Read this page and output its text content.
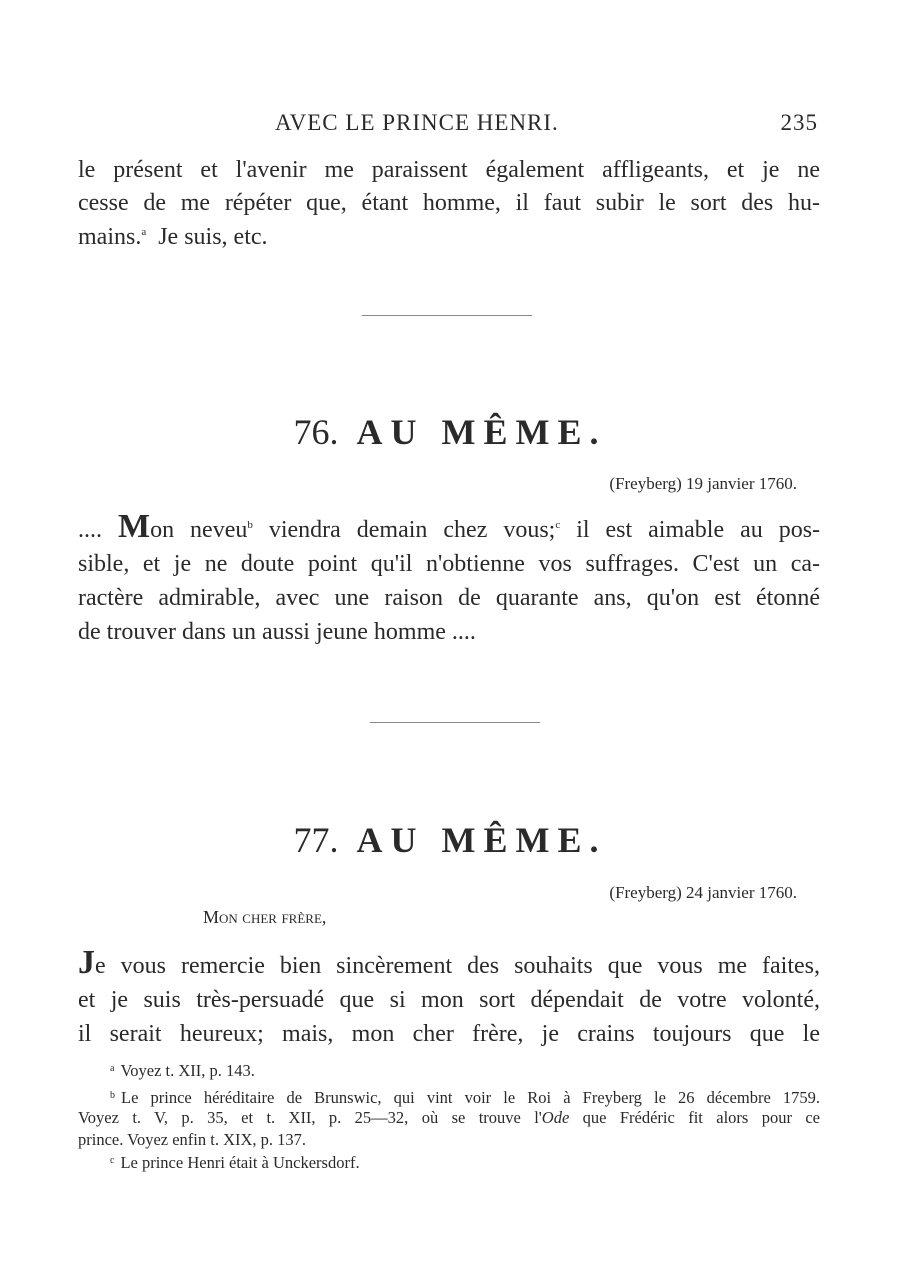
AVEC LE PRINCE HENRI.	235
le présent et l'avenir me paraissent également affligeants, et je ne
cesse de me répéter que, étant homme, il faut subir le sort des hu-
mains.$^a$ Je suis, etc.
76. AU MÊME.
(Freyberg) 19 janvier 1760.
.... Mon neveu$^b$ viendra demain chez vous;$^c$ il est aimable au pos-
sible, et je ne doute point qu'il n'obtienne vos suffrages. C'est un ca-
ractère admirable, avec une raison de quarante ans, qu'on est étonné
de trouver dans un aussi jeune homme ....
77. AU MÊME.
(Freyberg) 24 janvier 1760.
Mon cher frère,
Je vous remercie bien sincèrement des souhaits que vous me faites,
et je suis très-persuadé que si mon sort dépendait de votre volonté,
il serait heureux; mais, mon cher frère, je crains toujours que le
$^a$ Voyez t. XII, p. 143.
$^b$ Le prince héréditaire de Brunswic, qui vint voir le Roi à Freyberg le 26 décembre 1759.
Voyez t. V, p. 35, et t. XII, p. 25—32, où se trouve l'Ode que Frédéric fit alors pour ce
prince. Voyez enfin t. XIX, p. 137.
$^c$ Le prince Henri était à Unckersdorf.
